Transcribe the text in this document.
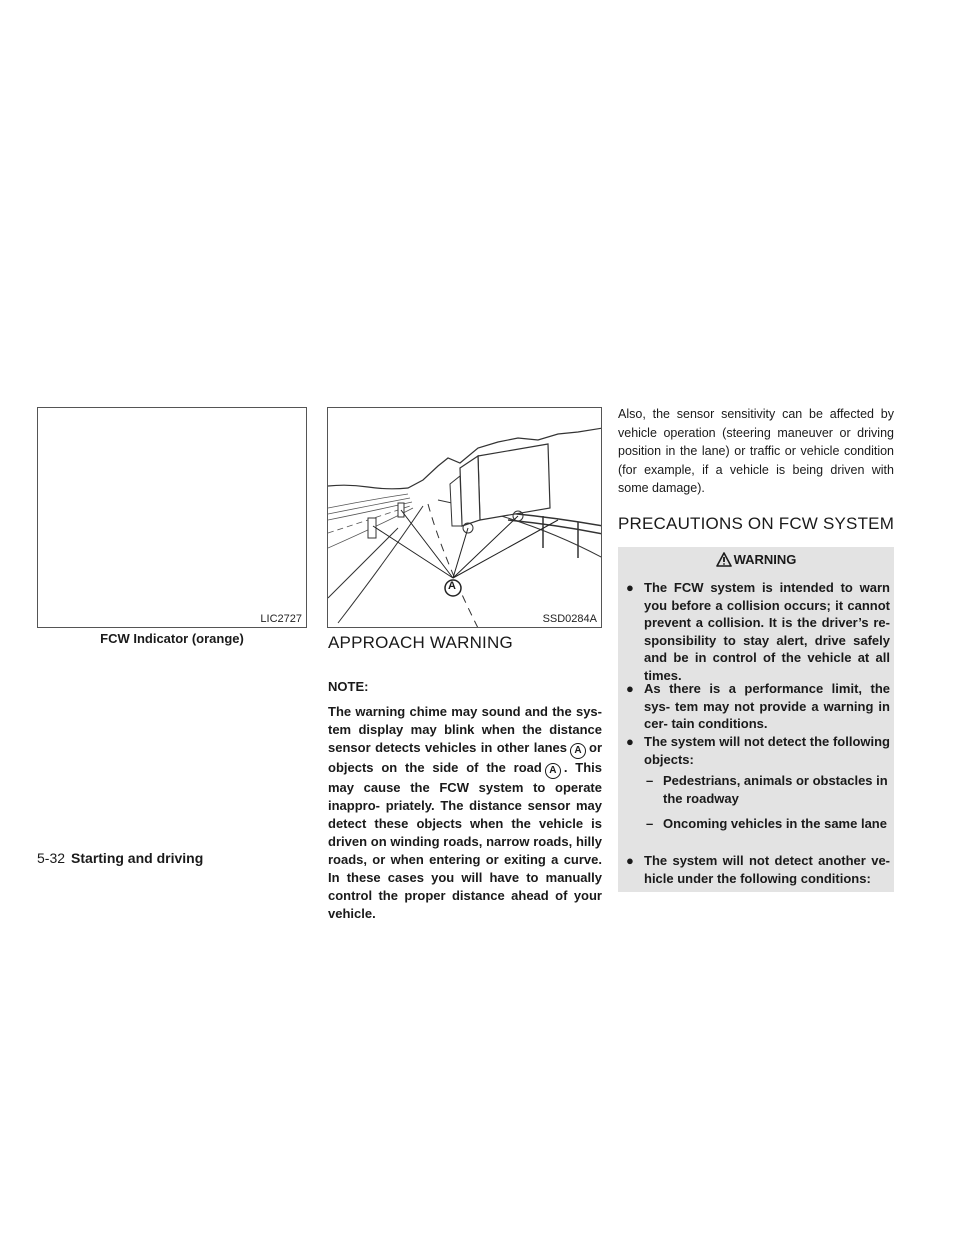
LIC2727
FCW Indicator (orange)
A
SSD0284A
APPROACH WARNING
NOTE:
The warning chime may sound and the sys- tem display may blink when the distance sensor detects vehicles in other lanes A or objects on the side of the road A . This may cause the FCW system to operate inappro- priately. The distance sensor may detect these objects when the vehicle is driven on winding roads, narrow roads, hilly roads, or when entering or exiting a curve. In these cases you will have to manually control the proper distance ahead of your vehicle.
Also, the sensor sensitivity can be affected by vehicle operation (steering maneuver or driving position in the lane) or traffic or vehicle condition (for example, if a vehicle is being driven with some damage).
PRECAUTIONS ON FCW SYSTEM
WARNING
● The FCW system is intended to warn you before a collision occurs; it cannot prevent a collision. It is the driver’s re- sponsibility to stay alert, drive safely and be in control of the vehicle at all times.
● As there is a performance limit, the sys- tem may not provide a warning in cer- tain conditions.
● The system will not detect the following objects:
– Pedestrians, animals or obstacles in the roadway
– Oncoming vehicles in the same lane
● The system will not detect another ve- hicle under the following conditions:
5-32 Starting and driving
